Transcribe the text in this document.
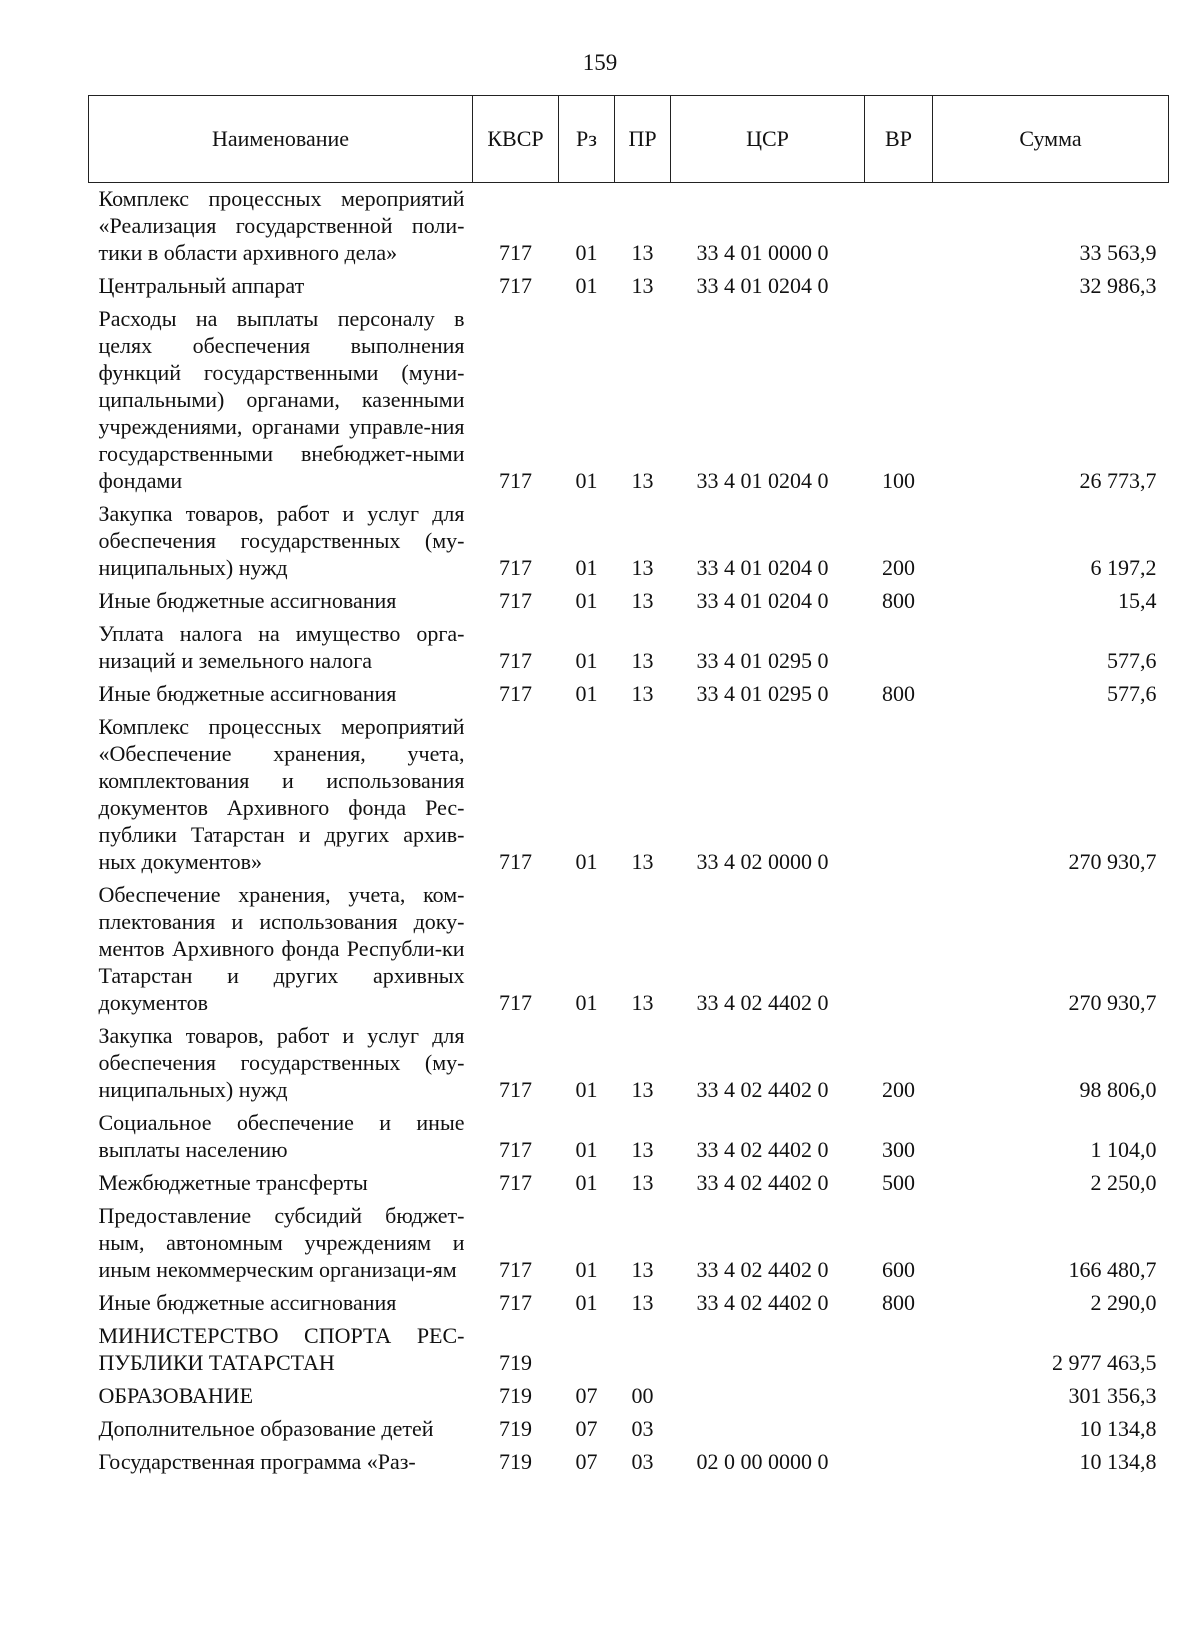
159
Наименование	КВСР	Рз	ПР	ЦСР	ВР	Сумма
Комплекс процессных мероприятий «Реализация государственной поли-тики в области архивного дела»	717	01	13	33 4 01 0000 0		33 563,9
Центральный аппарат	717	01	13	33 4 01 0204 0		32 986,3
Расходы на выплаты персоналу в целях обеспечения выполнения функций государственными (муни-ципальными) органами, казенными учреждениями, органами управле-ния государственными внебюджет-ными фондами	717	01	13	33 4 01 0204 0	100	26 773,7
Закупка товаров, работ и услуг для обеспечения государственных (му-ниципальных) нужд	717	01	13	33 4 01 0204 0	200	6 197,2
Иные бюджетные ассигнования	717	01	13	33 4 01 0204 0	800	15,4
Уплата налога на имущество орга-низаций и земельного налога	717	01	13	33 4 01 0295 0		577,6
Иные бюджетные ассигнования	717	01	13	33 4 01 0295 0	800	577,6
Комплекс процессных мероприятий «Обеспечение хранения, учета, комплектования и использования документов Архивного фонда Рес-публики Татарстан и других архив-ных документов»	717	01	13	33 4 02 0000 0		270 930,7
Обеспечение хранения, учета, ком-плектования и использования доку-ментов Архивного фонда Республи-ки Татарстан и других архивных документов	717	01	13	33 4 02 4402 0		270 930,7
Закупка товаров, работ и услуг для обеспечения государственных (му-ниципальных) нужд	717	01	13	33 4 02 4402 0	200	98 806,0
Социальное обеспечение и иные выплаты населению	717	01	13	33 4 02 4402 0	300	1 104,0
Межбюджетные трансферты	717	01	13	33 4 02 4402 0	500	2 250,0
Предоставление субсидий бюджет-ным, автономным учреждениям и иным некоммерческим организаци-ям	717	01	13	33 4 02 4402 0	600	166 480,7
Иные бюджетные ассигнования	717	01	13	33 4 02 4402 0	800	2 290,0
МИНИСТЕРСТВО СПОРТА РЕС-ПУБЛИКИ ТАТАРСТАН	719					2 977 463,5
ОБРАЗОВАНИЕ	719	07	00			301 356,3
Дополнительное образование детей	719	07	03			10 134,8
Государственная программа «Раз-	719	07	03	02 0 00 0000 0		10 134,8
